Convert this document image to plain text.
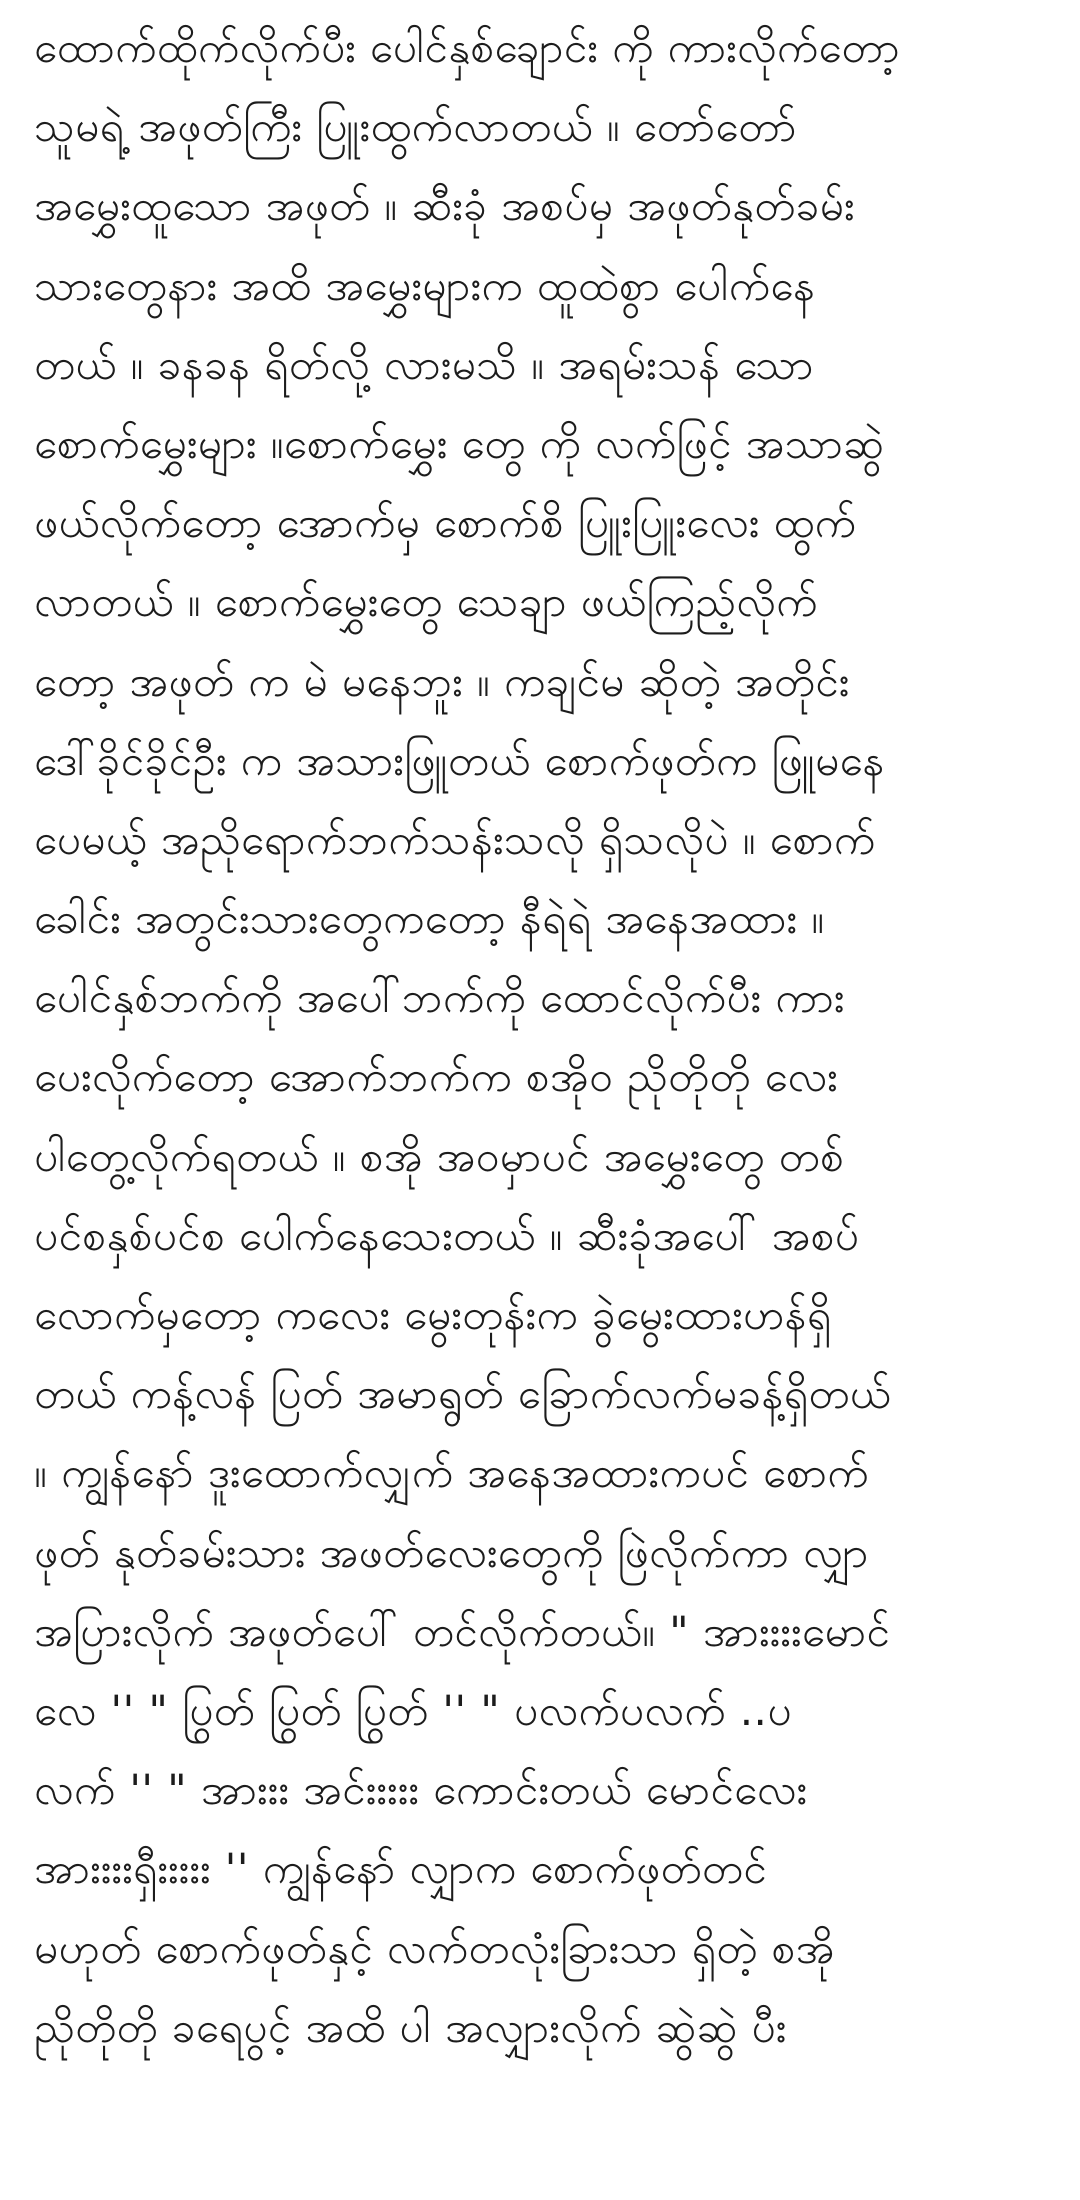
ထောက်ထိုက်လိုက်ပီး ပေါင်နှစ်ချောင်း ကို ကားလိုက်တော့
သူမရဲ့ အဖုတ်ကြီး ပြူးထွက်လာတယ် ။ တော်တော်
အမွှေးထူသော အဖုတ် ။ ဆီးခုံ အစပ်မှ အဖုတ်နုတ်ခမ်း
သားတွေနား အထိ အမွှေးများက ထူထဲစွာ ပေါက်နေ
တယ် ။ ခနခန ရိတ်လို့ လားမသိ ။ အရမ်းသန် သော
စောက်မွှေးများ ။စောက်မွှေး တွေ ကို လက်ဖြင့် အသာဆွဲ
ဖယ်လိုက်တော့ အောက်မှ စောက်စိ ပြူးပြူးလေး ထွက်
လာတယ် ။ စောက်မွှေးတွေ သေချာ ဖယ်ကြည့်လိုက်
တော့ အဖုတ် က မဲ မနေဘူး ။ ကချင်မ ဆိုတဲ့ အတိုင်း
ဒေါ်ခိုင်ခိုင်ဦး က အသားဖြူတယ် စောက်ဖုတ်က ဖြူမနေ
ပေမယ့် အညိုရောက်ဘက်သန်းသလို ရှိသလိုပဲ ။ စောက်
ခေါင်း အတွင်းသားတွေကတော့ နီရဲရဲ အနေအထား ။
ပေါင်နှစ်ဘက်ကို အပေါ်ဘက်ကို ထောင်လိုက်ပီး ကား
ပေးလိုက်တော့ အောက်ဘက်က စအိုဝ ညိုတိုတို လေး
ပါတွေ့လိုက်ရတယ် ။ စအို အဝမှာပင် အမွှေးတွေ တစ်
ပင်စနှစ်ပင်စ ပေါက်နေသေးတယ် ။ ဆီးခုံအပေါ် အစပ်
လောက်မှတော့ ကလေး မွေးတုန်းက ခွဲမွေးထားဟန်ရှိ
တယ် ကန့်လန် ပြတ် အမာရွတ် ခြောက်လက်မခန့်ရှိတယ်
။ ကျွန်နော် ဒူးထောက်လျှက် အနေအထားကပင် စောက်
ဖုတ် နုတ်ခမ်းသား အဖတ်လေးတွေကို ဖြဲလိုက်ကာ လျှာ
အပြားလိုက် အဖုတ်ပေါ် တင်လိုက်တယ်။ " အားးးးမောင်
လေ '' " ပြွတ် ပြွတ် ပြွတ် '' " ပလက်ပလက် ..ပ
လက် '' " အားးး အင်းးးးး ကောင်းတယ် မောင်လေး
အားးးးရှီးးးးး '' ကျွန်နော် လျှာက စောက်ဖုတ်တင်
မဟုတ် စောက်ဖုတ်နှင့် လက်တလုံးခြားသာ ရှိတဲ့ စအို
ညိုတိုတို ခရေပွင့် အထိ ပါ အလျှားလိုက် ဆွဲဆွဲ ပီး
